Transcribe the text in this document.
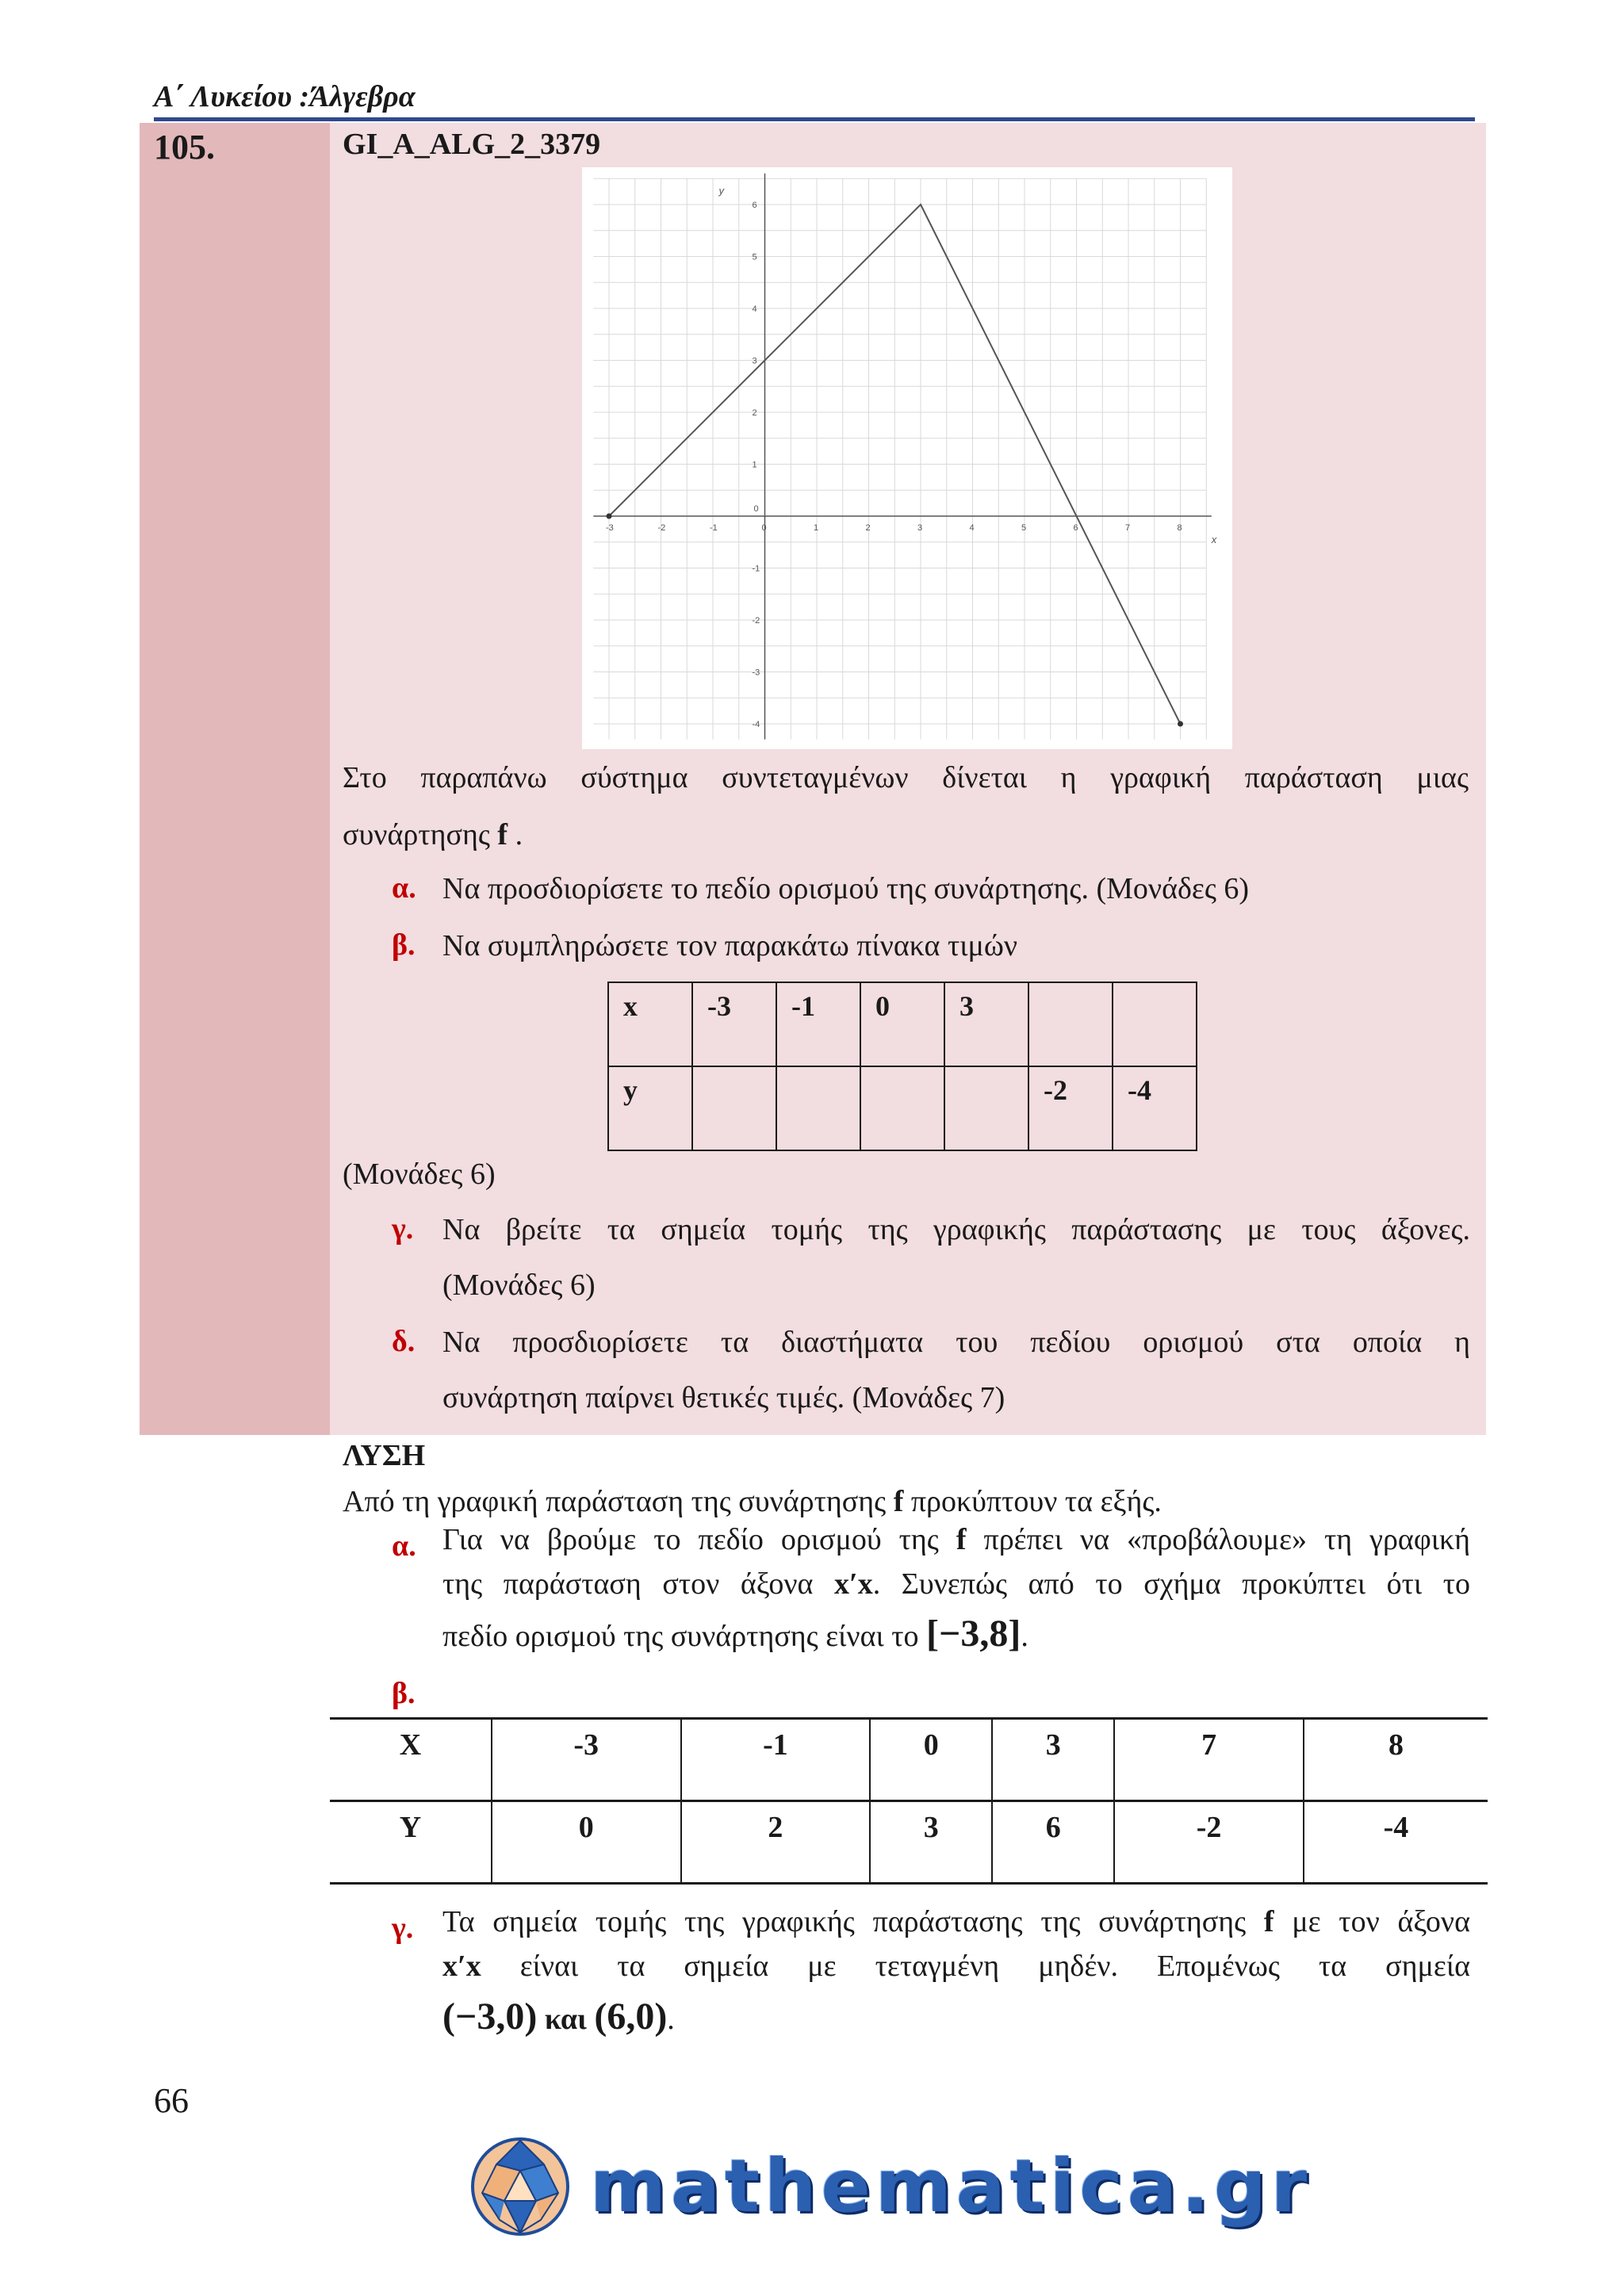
Α΄ Λυκείου :Άλγεβρα
105.	GI_A_ALG_2_3379
-3	-2	-1	0	1	2	3	4	5	6	7	8
-4
-3
-2
-1
1
2
3
4
5
6
0
x
y
Στο παραπάνω σύστημα συντεταγμένων δίνεται η γραφική παράσταση μιας
συνάρτησης f .
α. Να προσδιορίσετε το πεδίο ορισμού της συνάρτησης. (Μονάδες 6)
β. Να συμπληρώσετε τον παρακάτω πίνακα τιμών
x	-3	-1	0	3		
y					-2	-4
(Μονάδες 6)
γ. Να βρείτε τα σημεία τομής της γραφικής παράστασης με τους άξονες.
(Μονάδες 6)
δ. Να προσδιορίσετε τα διαστήματα του πεδίου ορισμού στα οποία η
συνάρτηση παίρνει θετικές τιμές. (Μονάδες 7)
ΛΥΣΗ
Από τη γραφική παράσταση της συνάρτησης f προκύπτουν τα εξής.
α. Για να βρούμε το πεδίο ορισμού της f πρέπει να «προβάλουμε» τη γραφική
της παράσταση στον άξονα x′x. Συνεπώς από το σχήμα προκύπτει ότι το
πεδίο ορισμού της συνάρτησης είναι το [−3,8].
β.
X	-3	-1	0	3	7	8
Y	0	2	3	6	-2	-4
γ. Τα σημεία τομής της γραφικής παράστασης της συνάρτησης f με τον άξονα
x′x είναι τα σημεία με τεταγμένη μηδέν. Επομένως τα σημεία
(−3,0) και (6,0).
66
mathematica.gr
